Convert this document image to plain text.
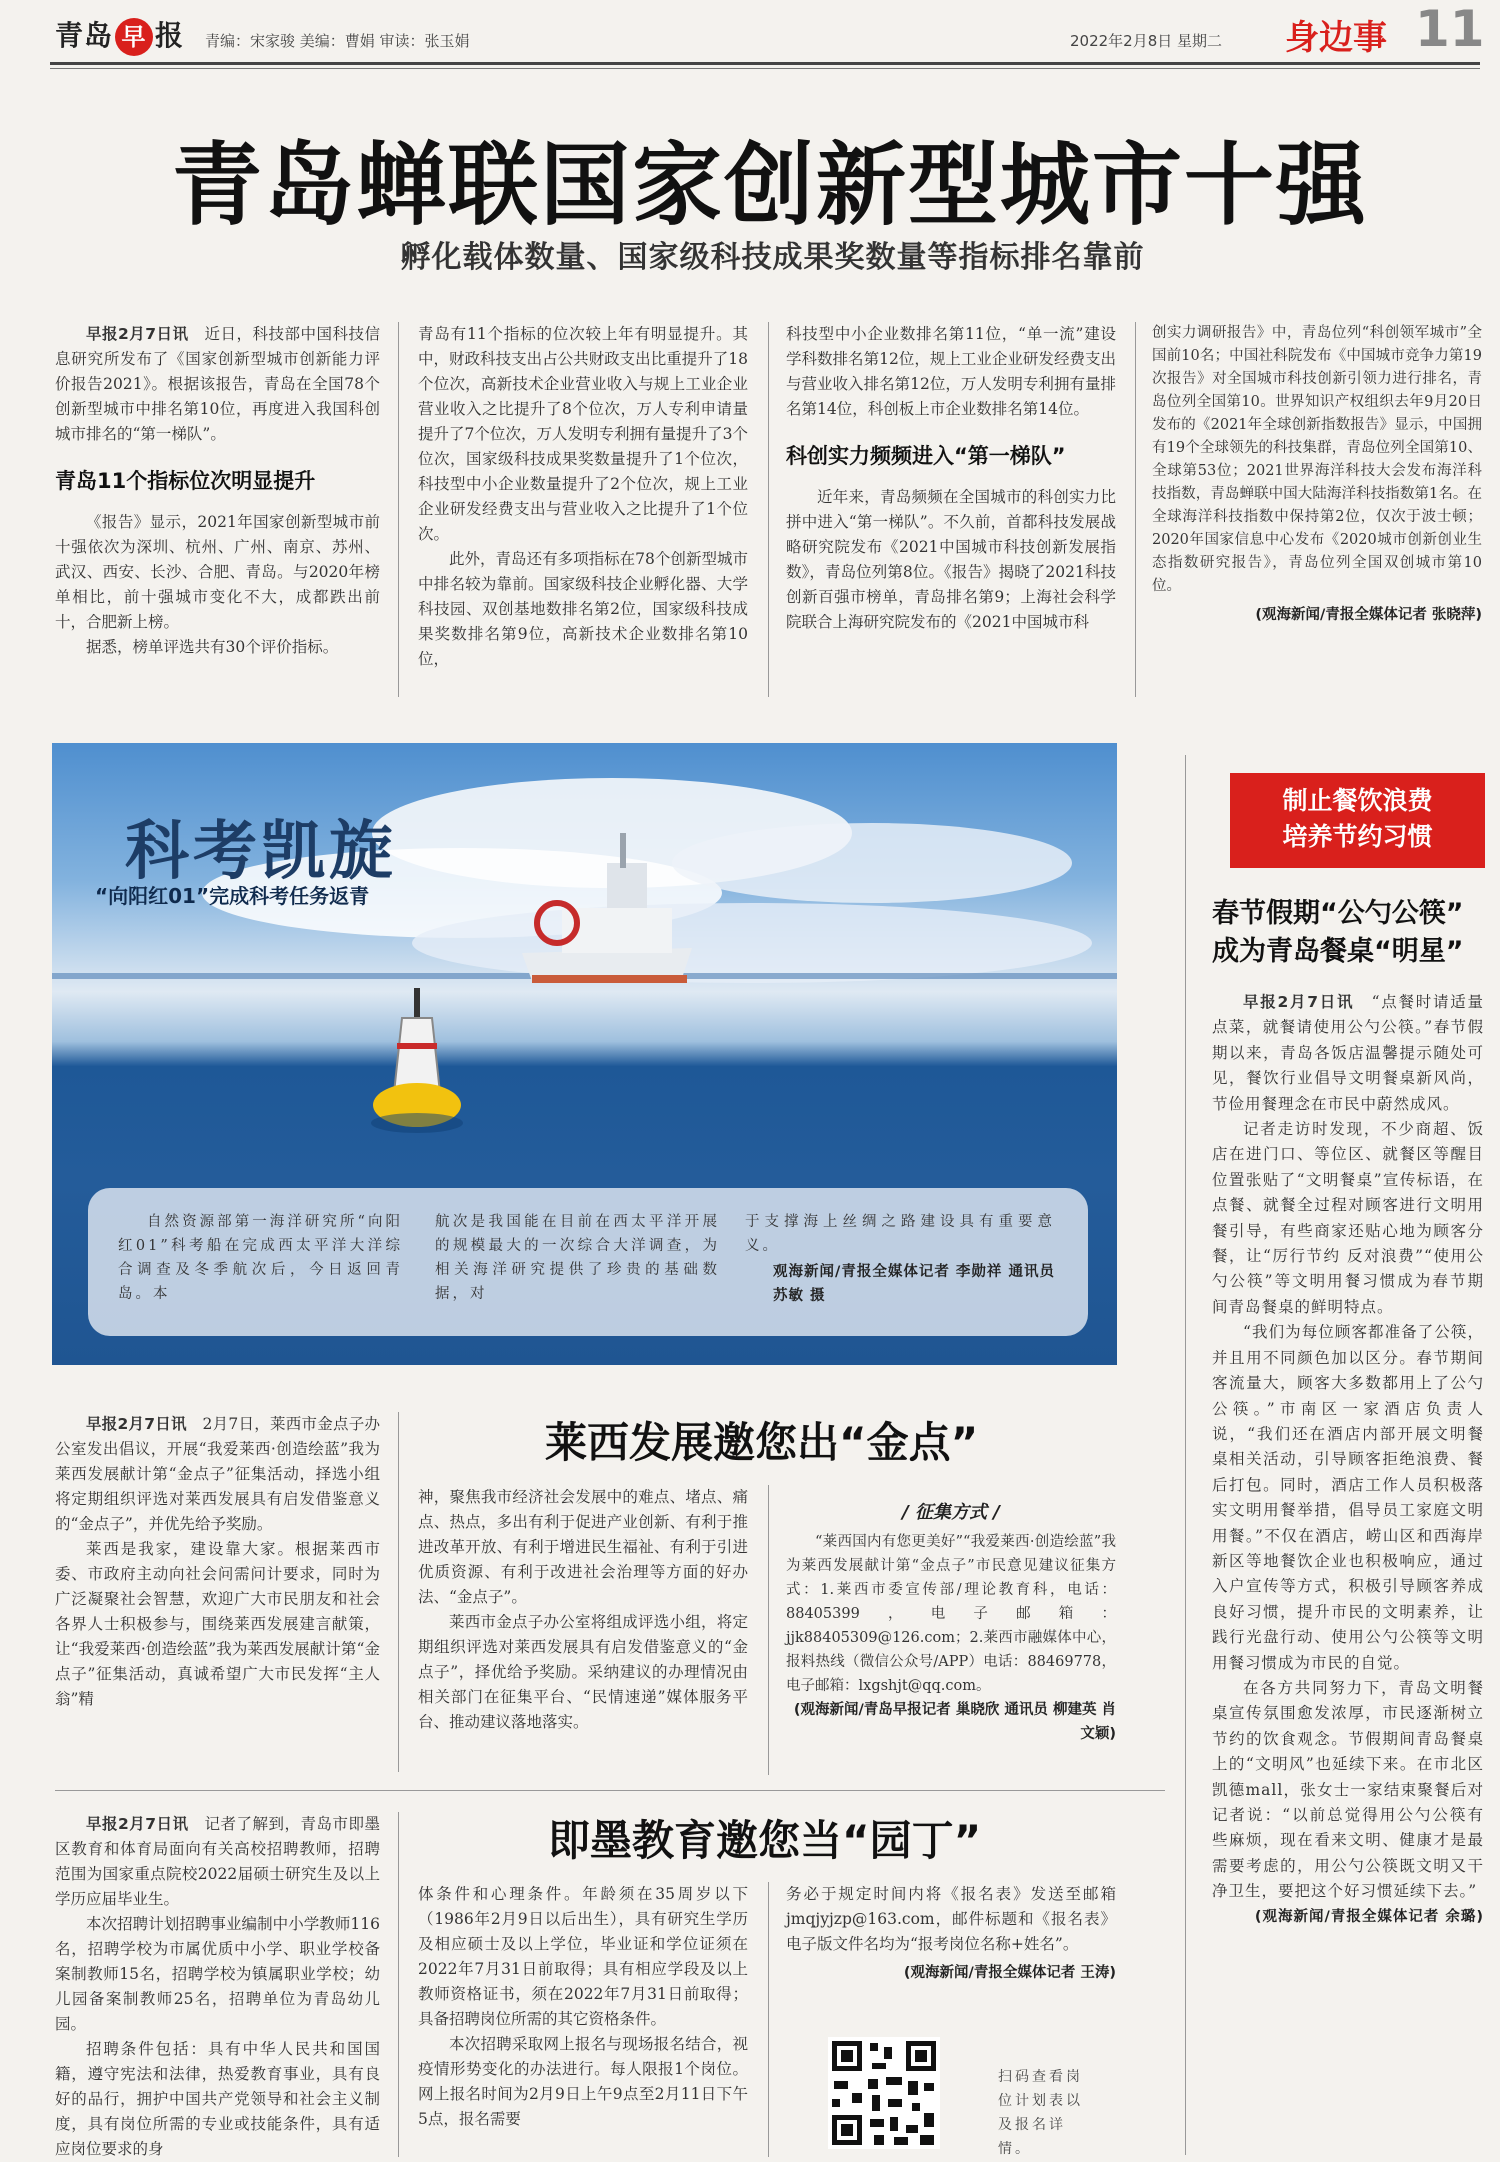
青岛 早 报 青编：宋家骏 美编：曹娟 审读：张玉娟	2022年2月8日 星期二 身边事 11
青岛蝉联国家创新型城市十强
孵化载体数量、国家级科技成果奖数量等指标排名靠前

早报2月7日讯　 近日，科技部中国科技信息研究所发布了《国家创新型城市创新能力评价报告2021》。根据该报告，青岛在全国78个创新型城市中排名第10位，再度进入我国科创城市排名的“第一梯队”。

青岛11个指标位次明显提升

《报告》显示，2021年国家创新型城市前十强依次为深圳、杭州、广州、南京、苏州、武汉、西安、长沙、合肥、青岛。与2020年榜单相比，前十强城市变化不大，成都跌出前十，合肥新上榜。

据悉，榜单评选共有30个评价指标。

青岛有11个指标的位次较上年有明显提升。其中，财政科技支出占公共财政支出比重提升了18个位次，高新技术企业营业收入与规上工业企业营业收入之比提升了8个位次，万人专利申请量提升了7个位次，万人发明专利拥有量提升了3个位次，国家级科技成果奖数量提升了1个位次，科技型中小企业数量提升了2个位次，规上工业企业研发经费支出与营业收入之比提升了1个位次。

此外，青岛还有多项指标在78个创新型城市中排名较为靠前。国家级科技企业孵化器、大学科技园、双创基地数排名第2位，国家级科技成果奖数排名第9位，高新技术企业数排名第10位，

科技型中小企业数排名第11位，“单一流”建设学科数排名第12位，规上工业企业研发经费支出与营业收入排名第12位，万人发明专利拥有量排名第14位，科创板上市企业数排名第14位。

科创实力频频进入“第一梯队”

近年来，青岛频频在全国城市的科创实力比拼中进入“第一梯队”。不久前，首都科技发展战略研究院发布《2021中国城市科技创新发展指数》，青岛位列第8位。《报告》揭晓了2021科技创新百强市榜单，青岛排名第9；上海社会科学院联合上海研究院发布的《2021中国城市科

创实力调研报告》中，青岛位列“科创领军城市”全国前10名；中国社科院发布《中国城市竞争力第19次报告》对全国城市科技创新引领力进行排名，青岛位列全国第10。世界知识产权组织去年9月20日发布的《2021年全球创新指数报告》显示，中国拥有19个全球领先的科技集群，青岛位列全国第10、全球第53位；2021世界海洋科技大会发布海洋科技指数，青岛蝉联中国大陆海洋科技指数第1名。在全球海洋科技指数中保持第2位，仅次于波士顿；2020年国家信息中心发布《2020城市创新创业生态指数研究报告》，青岛位列全国双创城市第10位。

(观海新闻/青报全媒体记者 张晓萍)
科考凯旋
“向阳红01”完成科考任务返青

自然资源部第一海洋研究所“向阳红01”科考船在完成西太平洋大洋综合调查及冬季航次后，今日返回青岛。本

航次是我国能在目前在西太平洋开展的规模最大的一次综合大洋调查，为相关海洋研究提供了珍贵的基础数据，对

于支撑海上丝绸之路建设具有重要意义。

观海新闻/青报全媒体记者 李勋祥 通讯员 苏敏 摄
制止餐饮浪费
培养节约习惯
春节假期“公勺公筷”
成为青岛餐桌“明星”

早报2月7日讯　 “点餐时请适量点菜，就餐请使用公勺公筷。”春节假期以来，青岛各饭店温馨提示随处可见，餐饮行业倡导文明餐桌新风尚，节俭用餐理念在市民中蔚然成风。

记者走访时发现，不少商超、饭店在进门口、等位区、就餐区等醒目位置张贴了“文明餐桌”宣传标语，在点餐、就餐全过程对顾客进行文明用餐引导，有些商家还贴心地为顾客分餐，让“厉行节约 反对浪费”“使用公勺公筷”等文明用餐习惯成为春节期间青岛餐桌的鲜明特点。

“我们为每位顾客都准备了公筷，并且用不同颜色加以区分。春节期间客流量大，顾客大多数都用上了公勺公筷。”市南区一家酒店负责人说，“我们还在酒店内部开展文明餐桌相关活动，引导顾客拒绝浪费、餐后打包。同时，酒店工作人员积极落实文明用餐举措，倡导员工家庭文明用餐。”不仅在酒店，崂山区和西海岸新区等地餐饮企业也积极响应，通过入户宣传等方式，积极引导顾客养成良好习惯，提升市民的文明素养，让践行光盘行动、使用公勺公筷等文明用餐习惯成为市民的自觉。

在各方共同努力下，青岛文明餐桌宣传氛围愈发浓厚，市民逐渐树立节约的饮食观念。节假期间青岛餐桌上的“文明风”也延续下来。在市北区凯德mall，张女士一家结束聚餐后对记者说：“以前总觉得用公勺公筷有些麻烦，现在看来文明、健康才是最需要考虑的，用公勺公筷既文明又干净卫生，要把这个好习惯延续下去。”

(观海新闻/青报全媒体记者 余璐)
莱西发展邀您出“金点”

早报2月7日讯　 2月7日，莱西市金点子办公室发出倡议，开展“我爱莱西·创造绘蓝”我为莱西发展献计第“金点子”征集活动，择选小组将定期组织评选对莱西发展具有启发借鉴意义的“金点子”，并优先给予奖励。

莱西是我家，建设靠大家。根据莱西市委、市政府主动向社会问需问计要求，同时为广泛凝聚社会智慧，欢迎广大市民朋友和社会各界人士积极参与，围绕莱西发展建言献策，让“我爱莱西·创造绘蓝”我为莱西发展献计第“金点子”征集活动，真诚希望广大市民发挥“主人翁”精

神，聚焦我市经济社会发展中的难点、堵点、痛点、热点，多出有利于促进产业创新、有利于推进改革开放、有利于增进民生福祉、有利于引进优质资源、有利于改进社会治理等方面的好办法、“金点子”。

莱西市金点子办公室将组成评选小组，将定期组织评选对莱西发展具有启发借鉴意义的“金点子”，择优给予奖励。采纳建议的办理情况由相关部门在征集平台、“民情速递”媒体服务平台、推动建议落地落实。

/ 征集方式 /

“莱西国内有您更美好”“我爱莱西·创造绘蓝”我为莱西发展献计第“金点子”市民意见建议征集方式：1.莱西市委宣传部/理论教育科，电话：88405399，电子邮箱：jjk88405309@126.com；2.莱西市融媒体中心，报料热线（微信公众号/APP）电话：88469778，电子邮箱：lxgshjt@qq.com。

(观海新闻/青岛早报记者 巢晓欣 通讯员 柳建英 肖文颖)
即墨教育邀您当“园丁”

早报2月7日讯　 记者了解到，青岛市即墨区教育和体育局面向有关高校招聘教师，招聘范围为国家重点院校2022届硕士研究生及以上学历应届毕业生。

本次招聘计划招聘事业编制中小学教师116名，招聘学校为市属优质中小学、职业学校备案制教师15名，招聘学校为镇属职业学校；幼儿园备案制教师25名，招聘单位为青岛幼儿园。

招聘条件包括：具有中华人民共和国国籍，遵守宪法和法律，热爱教育事业，具有良好的品行，拥护中国共产党领导和社会主义制度，具有岗位所需的专业或技能条件，具有适应岗位要求的身

体条件和心理条件。年龄须在35周岁以下（1986年2月9日以后出生），具有研究生学历及相应硕士及以上学位，毕业证和学位证须在2022年7月31日前取得；具有相应学段及以上教师资格证书，须在2022年7月31日前取得；具备招聘岗位所需的其它资格条件。

本次招聘采取网上报名与现场报名结合，视疫情形势变化的办法进行。每人限报1个岗位。网上报名时间为2月9日上午9点至2月11日下午5点，报名需要

务必于规定时间内将《报名表》发送至邮箱jmqjyjzp@163.com，邮件标题和《报名表》电子版文件名均为“报考岗位名称+姓名”。

(观海新闻/青报全媒体记者 王涛)
扫码查看岗位计划表以及报名详情。
